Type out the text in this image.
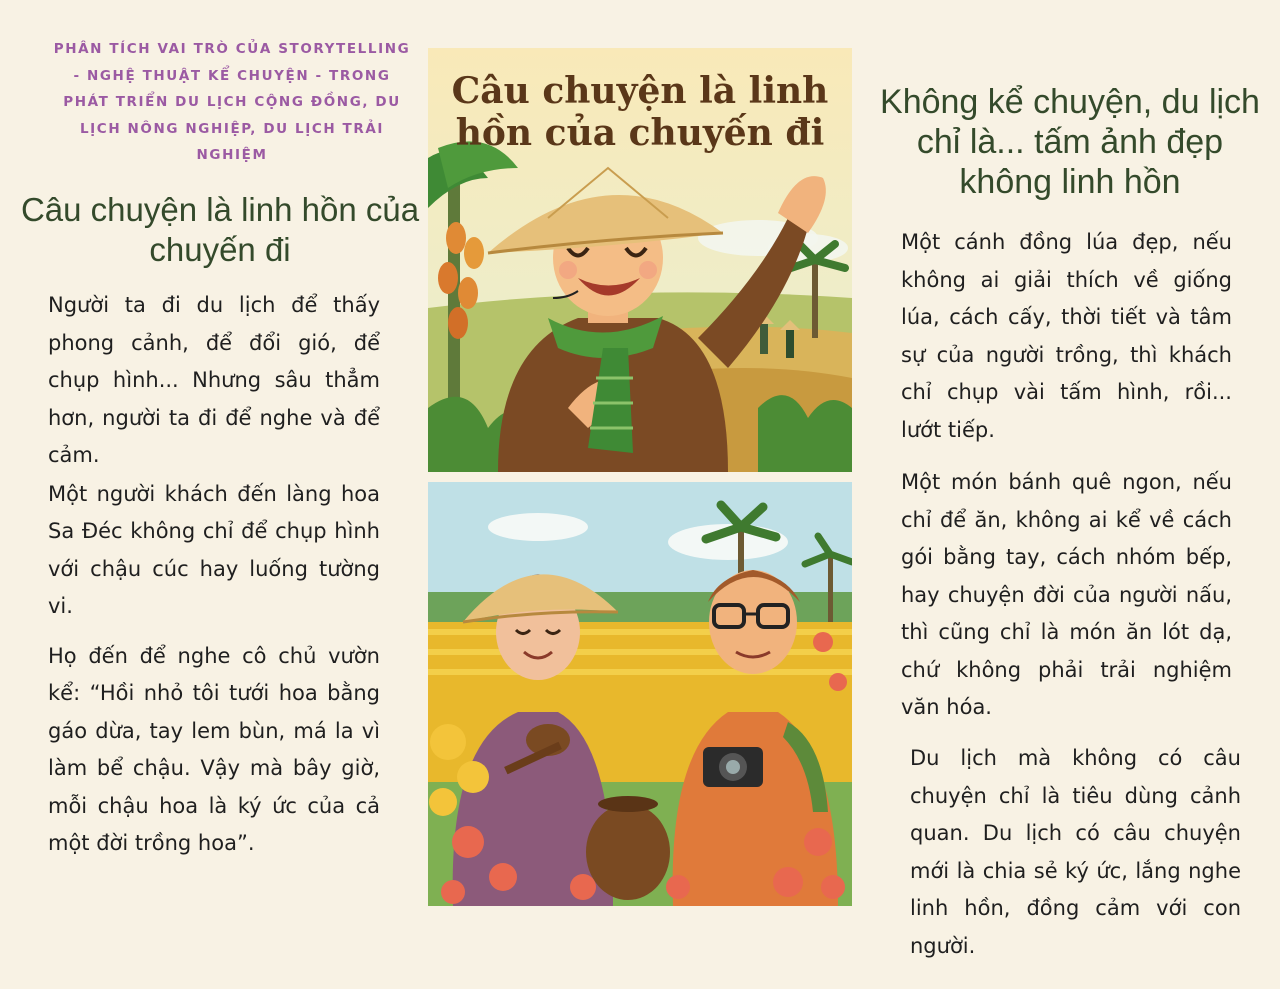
PHÂN TÍCH VAI TRÒ CỦA STORYTELLING - NGHỆ THUẬT KỂ CHUYỆN - TRONG PHÁT TRIỂN DU LỊCH CỘNG ĐỒNG, DU LỊCH NÔNG NGHIỆP, DU LỊCH TRẢI NGHIỆM
Câu chuyện là linh hồn của chuyến đi

Người ta đi du lịch để thấy phong cảnh, để đổi gió, để chụp hình... Nhưng sâu thẳm hơn, người ta đi để nghe và để cảm.

Một người khách đến làng hoa Sa Đéc không chỉ để chụp hình với chậu cúc hay luống tường vi.

Họ đến để nghe cô chủ vườn kể: “Hồi nhỏ tôi tưới hoa bằng gáo dừa, tay lem bùn, má la vì làm bể chậu. Vậy mà bây giờ, mỗi chậu hoa là ký ức của cả một đời trồng hoa”.

Câu chuyện là linh hồn của chuyến đi
Không kể chuyện, du lịch chỉ là... tấm ảnh đẹp không linh hồn

Một cánh đồng lúa đẹp, nếu không ai giải thích về giống lúa, cách cấy, thời tiết và tâm sự của người trồng, thì khách chỉ chụp vài tấm hình, rồi... lướt tiếp.

Một món bánh quê ngon, nếu chỉ để ăn, không ai kể về cách gói bằng tay, cách nhóm bếp, hay chuyện đời của người nấu, thì cũng chỉ là món ăn lót dạ, chứ không phải trải nghiệm văn hóa.

Du lịch mà không có câu chuyện chỉ là tiêu dùng cảnh quan. Du lịch có câu chuyện mới là chia sẻ ký ức, lắng nghe linh hồn, đồng cảm với con người.
